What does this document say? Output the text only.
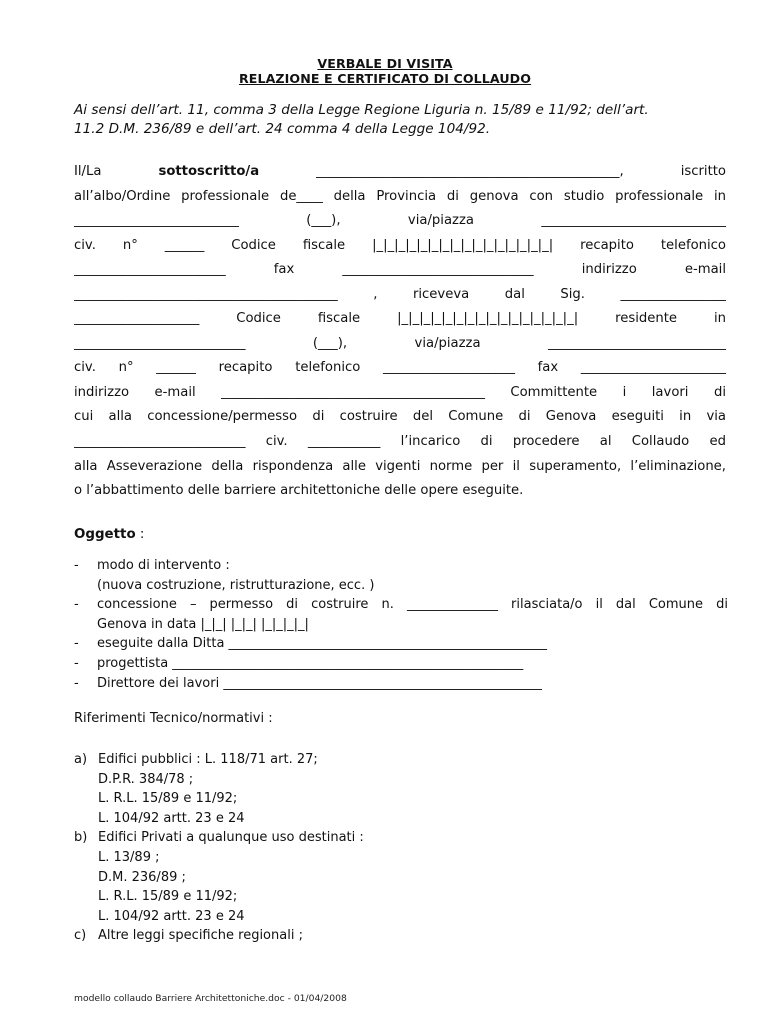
VERBALE DI VISITA
RELAZIONE E CERTIFICATO DI COLLAUDO

Ai sensi dell’art. 11, comma 3 della Legge Regione Liguria n. 15/89 e 11/92; dell’art.

11.2 D.M. 236/89 e dell’art. 24 comma 4 della Legge 104/92.

Il/La sottoscritto/a ______________________________________________, iscritto
all’albo/Ordine professionale de____ della Provincia di genova con studio professionale in
_________________________ (___), via/piazza ____________________________
civ. n° ______ Codice fiscale |_|_|_|_|_|_|_|_|_|_|_|_|_|_|_|_| recapito telefonico
_______________________ fax _____________________________ indirizzo e-mail
________________________________________ , riceveva dal Sig. ________________
___________________ Codice fiscale |_|_|_|_|_|_|_|_|_|_|_|_|_|_|_|_| residente in
__________________________ (___), via/piazza ___________________________
civ. n° ______ recapito telefonico ____________________ fax ______________________
indirizzo e-mail ________________________________________ Committente i lavori di
cui alla concessione/permesso di costruire del Comune di Genova eseguiti in via
__________________________ civ. ___________ l’incarico di procedere al Collaudo ed
alla Asseverazione della rispondenza alle vigenti norme per il superamento, l’eliminazione,
o l’abbattimento delle barriere architettoniche delle opere eseguite.
Oggetto :
- modo di intervento :
(nuova costruzione, ristrutturazione, ecc. )
- concessione – permesso di costruire n. ______________ rilasciata/o il dal Comune di
Genova in data |_|_| |_|_| |_|_|_|_|
- eseguite dalla Ditta _________________________________________________
- progettista ______________________________________________________
- Direttore dei lavori _________________________________________________
Riferimenti Tecnico/normativi :
a) Edifici pubblici : L. 118/71 art. 27;
D.P.R. 384/78 ;
L. R.L. 15/89 e 11/92;
L. 104/92 artt. 23 e 24
b) Edifici Privati a qualunque uso destinati :
L. 13/89 ;
D.M. 236/89 ;
L. R.L. 15/89 e 11/92;
L. 104/92 artt. 23 e 24
c) Altre leggi specifiche regionali ;
modello collaudo Barriere Architettoniche.doc - 01/04/2008
